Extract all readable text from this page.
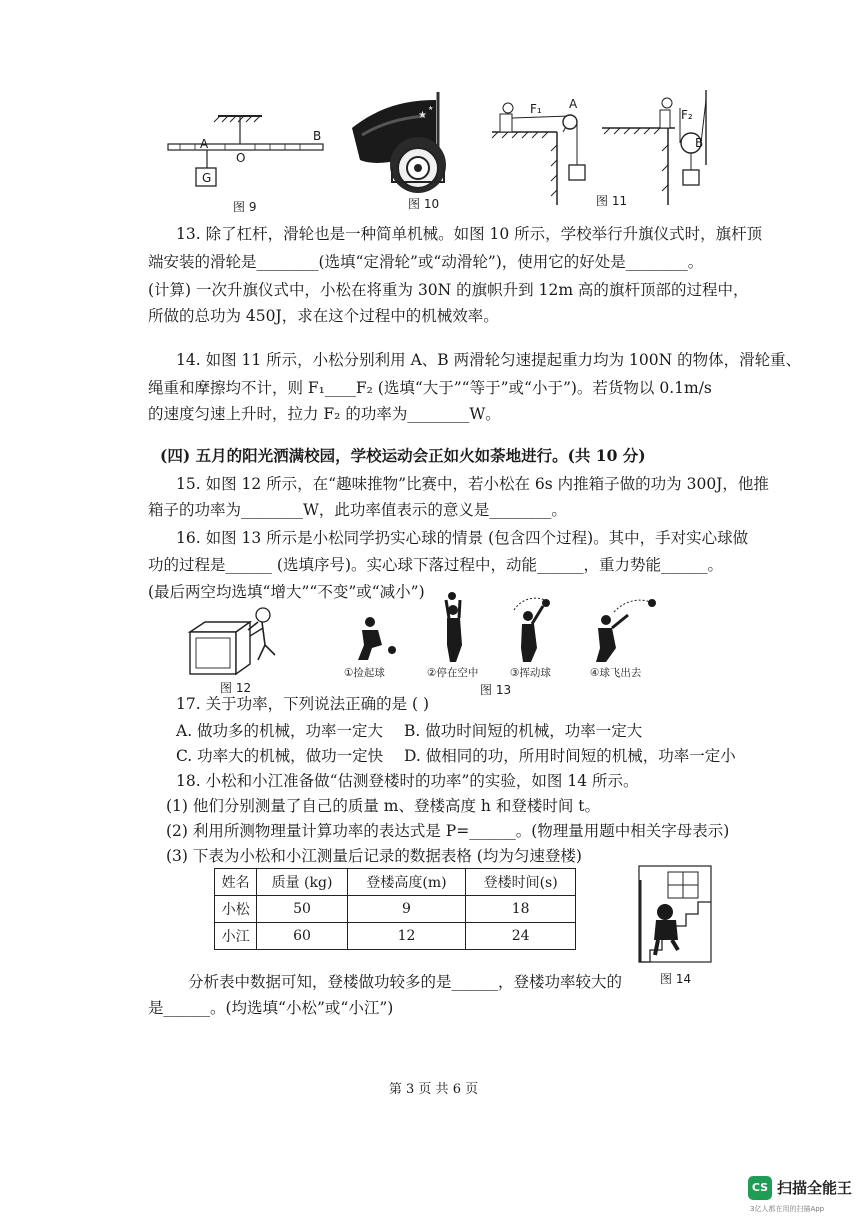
A
O
B
G
图 9
★
★
图 10
F₁ A
F₂
B
图 11
13. 除了杠杆，滑轮也是一种简单机械。如图 10 所示，学校举行升旗仪式时，旗杆顶
端安装的滑轮是________(选填“定滑轮”或“动滑轮”)，使用它的好处是________。
(计算) 一次升旗仪式中，小松在将重为 30N 的旗帜升到 12m 高的旗杆顶部的过程中，
所做的总功为 450J，求在这个过程中的机械效率。
14. 如图 11 所示，小松分别利用 A、B 两滑轮匀速提起重力均为 100N 的物体，滑轮重、
绳重和摩擦均不计，则 F₁____F₂ (选填“大于”“等于”或“小于”)。若货物以 0.1m/s
的速度匀速上升时，拉力 F₂ 的功率为________W。
(四) 五月的阳光洒满校园，学校运动会正如火如荼地进行。(共 10 分)
15. 如图 12 所示，在“趣味推物”比赛中，若小松在 6s 内推箱子做的功为 300J，他推
箱子的功率为________W，此功率值表示的意义是________。
16. 如图 13 所示是小松同学扔实心球的情景 (包含四个过程)。其中，手对实心球做
功的过程是______ (选填序号)。实心球下落过程中，动能______，重力势能______。
(最后两空均选填“增大”“不变”或“减小”)
图 12
①捡起球	②停在空中	③挥动球	④球飞出去
图 13
17. 关于功率，下列说法正确的是 ( )
A. 做功多的机械，功率一定大 B. 做功时间短的机械，功率一定大
C. 功率大的机械，做功一定快 D. 做相同的功，所用时间短的机械，功率一定小
18. 小松和小江准备做“估测登楼时的功率”的实验，如图 14 所示。
(1) 他们分别测量了自己的质量 m、登楼高度 h 和登楼时间 t。
(2) 利用所测物理量计算功率的表达式是 P=______。(物理量用题中相关字母表示)
(3) 下表为小松和小江测量后记录的数据表格 (均为匀速登楼)
姓名	质量 (kg)	登楼高度(m)	登楼时间(s)
小松	50	9	18
小江	60	12	24
图 14
分析表中数据可知，登楼做功较多的是______，登楼功率较大的
是______。(均选填“小松”或“小江”)
第 3 页 共 6 页
CS 扫描全能王
3亿人都在用的扫描App
